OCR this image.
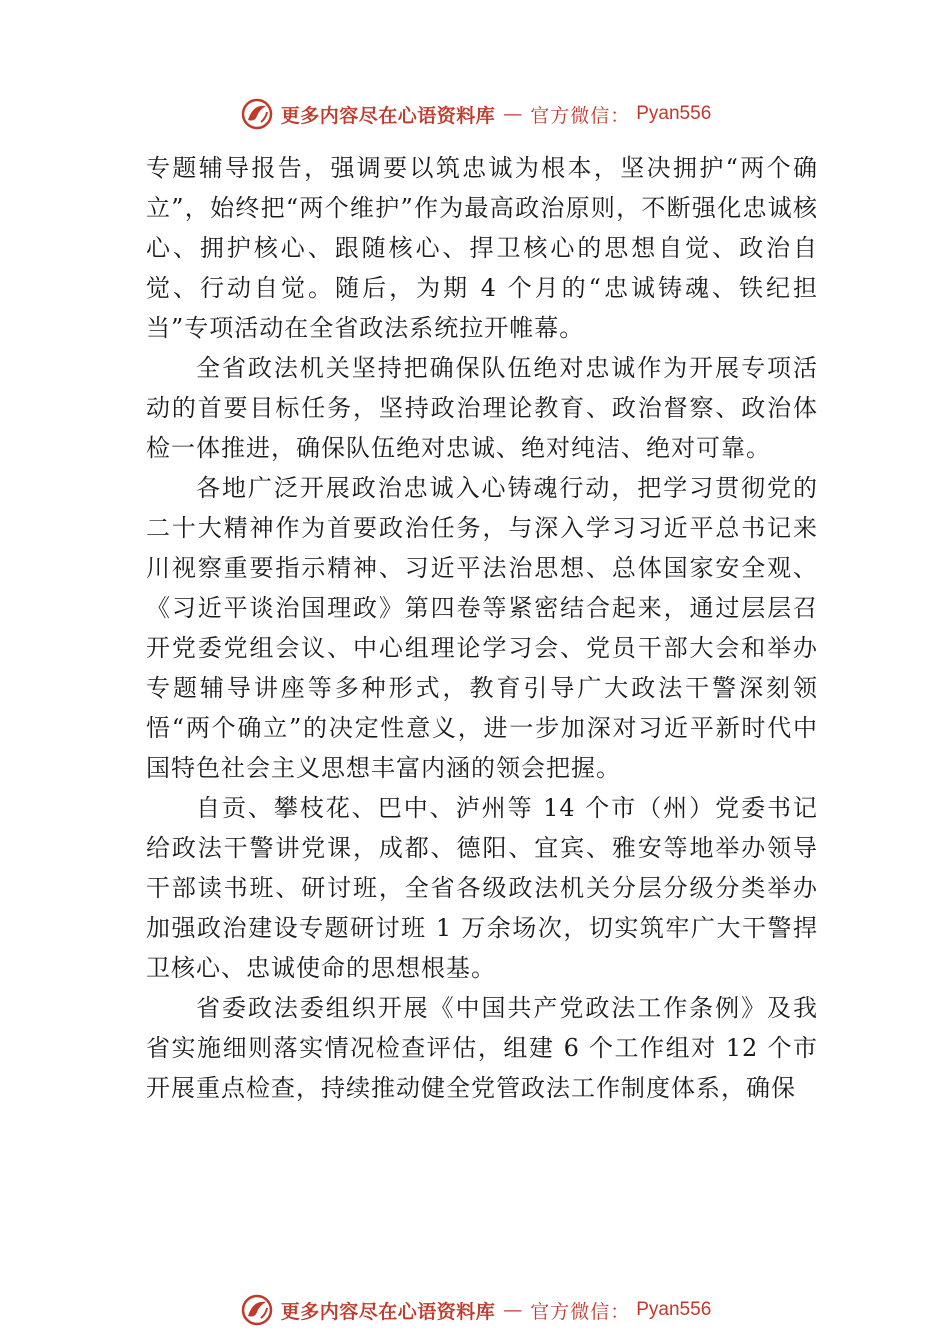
更多内容尽在心语资料库 — 官方微信： Pyan556

专题辅导报告，强调要以筑忠诚为根本，坚决拥护“两个确立”，始终把“两个维护”作为最高政治原则，不断强化忠诚核心、拥护核心、跟随核心、捍卫核心的思想自觉、政治自觉、行动自觉。随后，为期 4 个月的“忠诚铸魂、铁纪担当”专项活动在全省政法系统拉开帷幕。

全省政法机关坚持把确保队伍绝对忠诚作为开展专项活动的首要目标任务，坚持政治理论教育、政治督察、政治体检一体推进，确保队伍绝对忠诚、绝对纯洁、绝对可靠。

各地广泛开展政治忠诚入心铸魂行动，把学习贯彻党的二十大精神作为首要政治任务，与深入学习习近平总书记来川视察重要指示精神、习近平法治思想、总体国家安全观、《习近平谈治国理政》第四卷等紧密结合起来，通过层层召开党委党组会议、中心组理论学习会、党员干部大会和举办专题辅导讲座等多种形式，教育引导广大政法干警深刻领悟“两个确立”的决定性意义，进一步加深对习近平新时代中国特色社会主义思想丰富内涵的领会把握。

自贡、攀枝花、巴中、泸州等 14 个市（州）党委书记给政法干警讲党课，成都、德阳、宜宾、雅安等地举办领导干部读书班、研讨班，全省各级政法机关分层分级分类举办加强政治建设专题研讨班 1 万余场次，切实筑牢广大干警捍卫核心、忠诚使命的思想根基。

省委政法委组织开展《中国共产党政法工作条例》及我省实施细则落实情况检查评估，组建 6 个工作组对 12 个市开展重点检查，持续推动健全党管政法工作制度体系，确保

更多内容尽在心语资料库 — 官方微信： Pyan556
